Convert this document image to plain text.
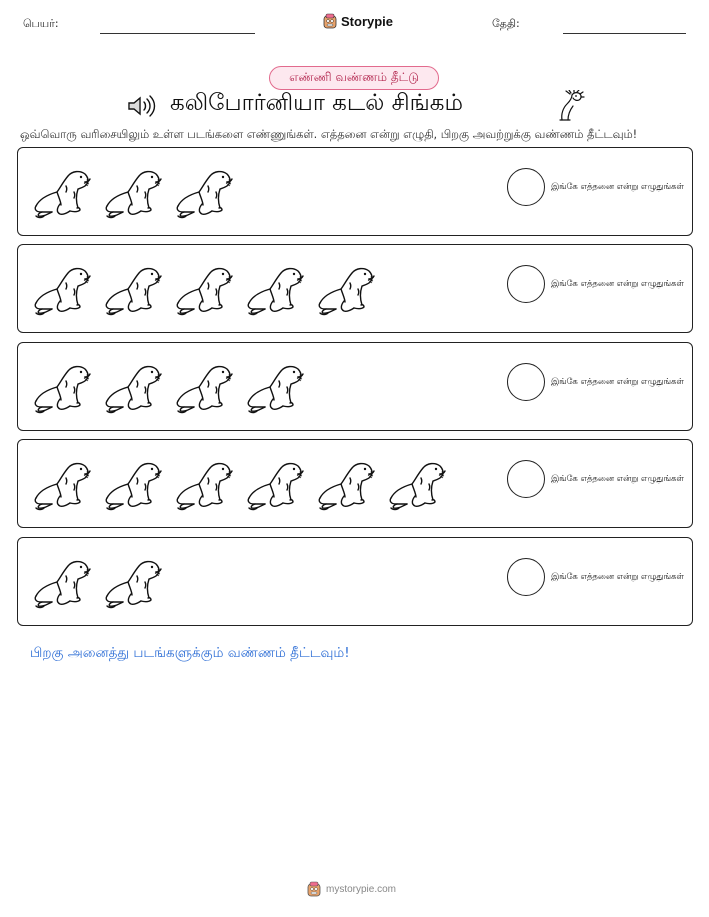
பெயர்:	Storypie	தேதி:
எண்ணி வண்ணம் தீட்டு
கலிபோர்னியா கடல் சிங்கம்
ஒவ்வொரு வரிசையிலும் உள்ள படங்களை எண்ணுங்கள். எத்தனை என்று எழுதி, பிறகு அவற்றுக்கு வண்ணம் தீட்டவும்!
இங்கே எத்தனை என்று எழுதுங்கள்
இங்கே எத்தனை என்று எழுதுங்கள்
இங்கே எத்தனை என்று எழுதுங்கள்
இங்கே எத்தனை என்று எழுதுங்கள்
இங்கே எத்தனை என்று எழுதுங்கள்
பிறகு அனைத்து படங்களுக்கும் வண்ணம் தீட்டவும்!
mystorypie.com
